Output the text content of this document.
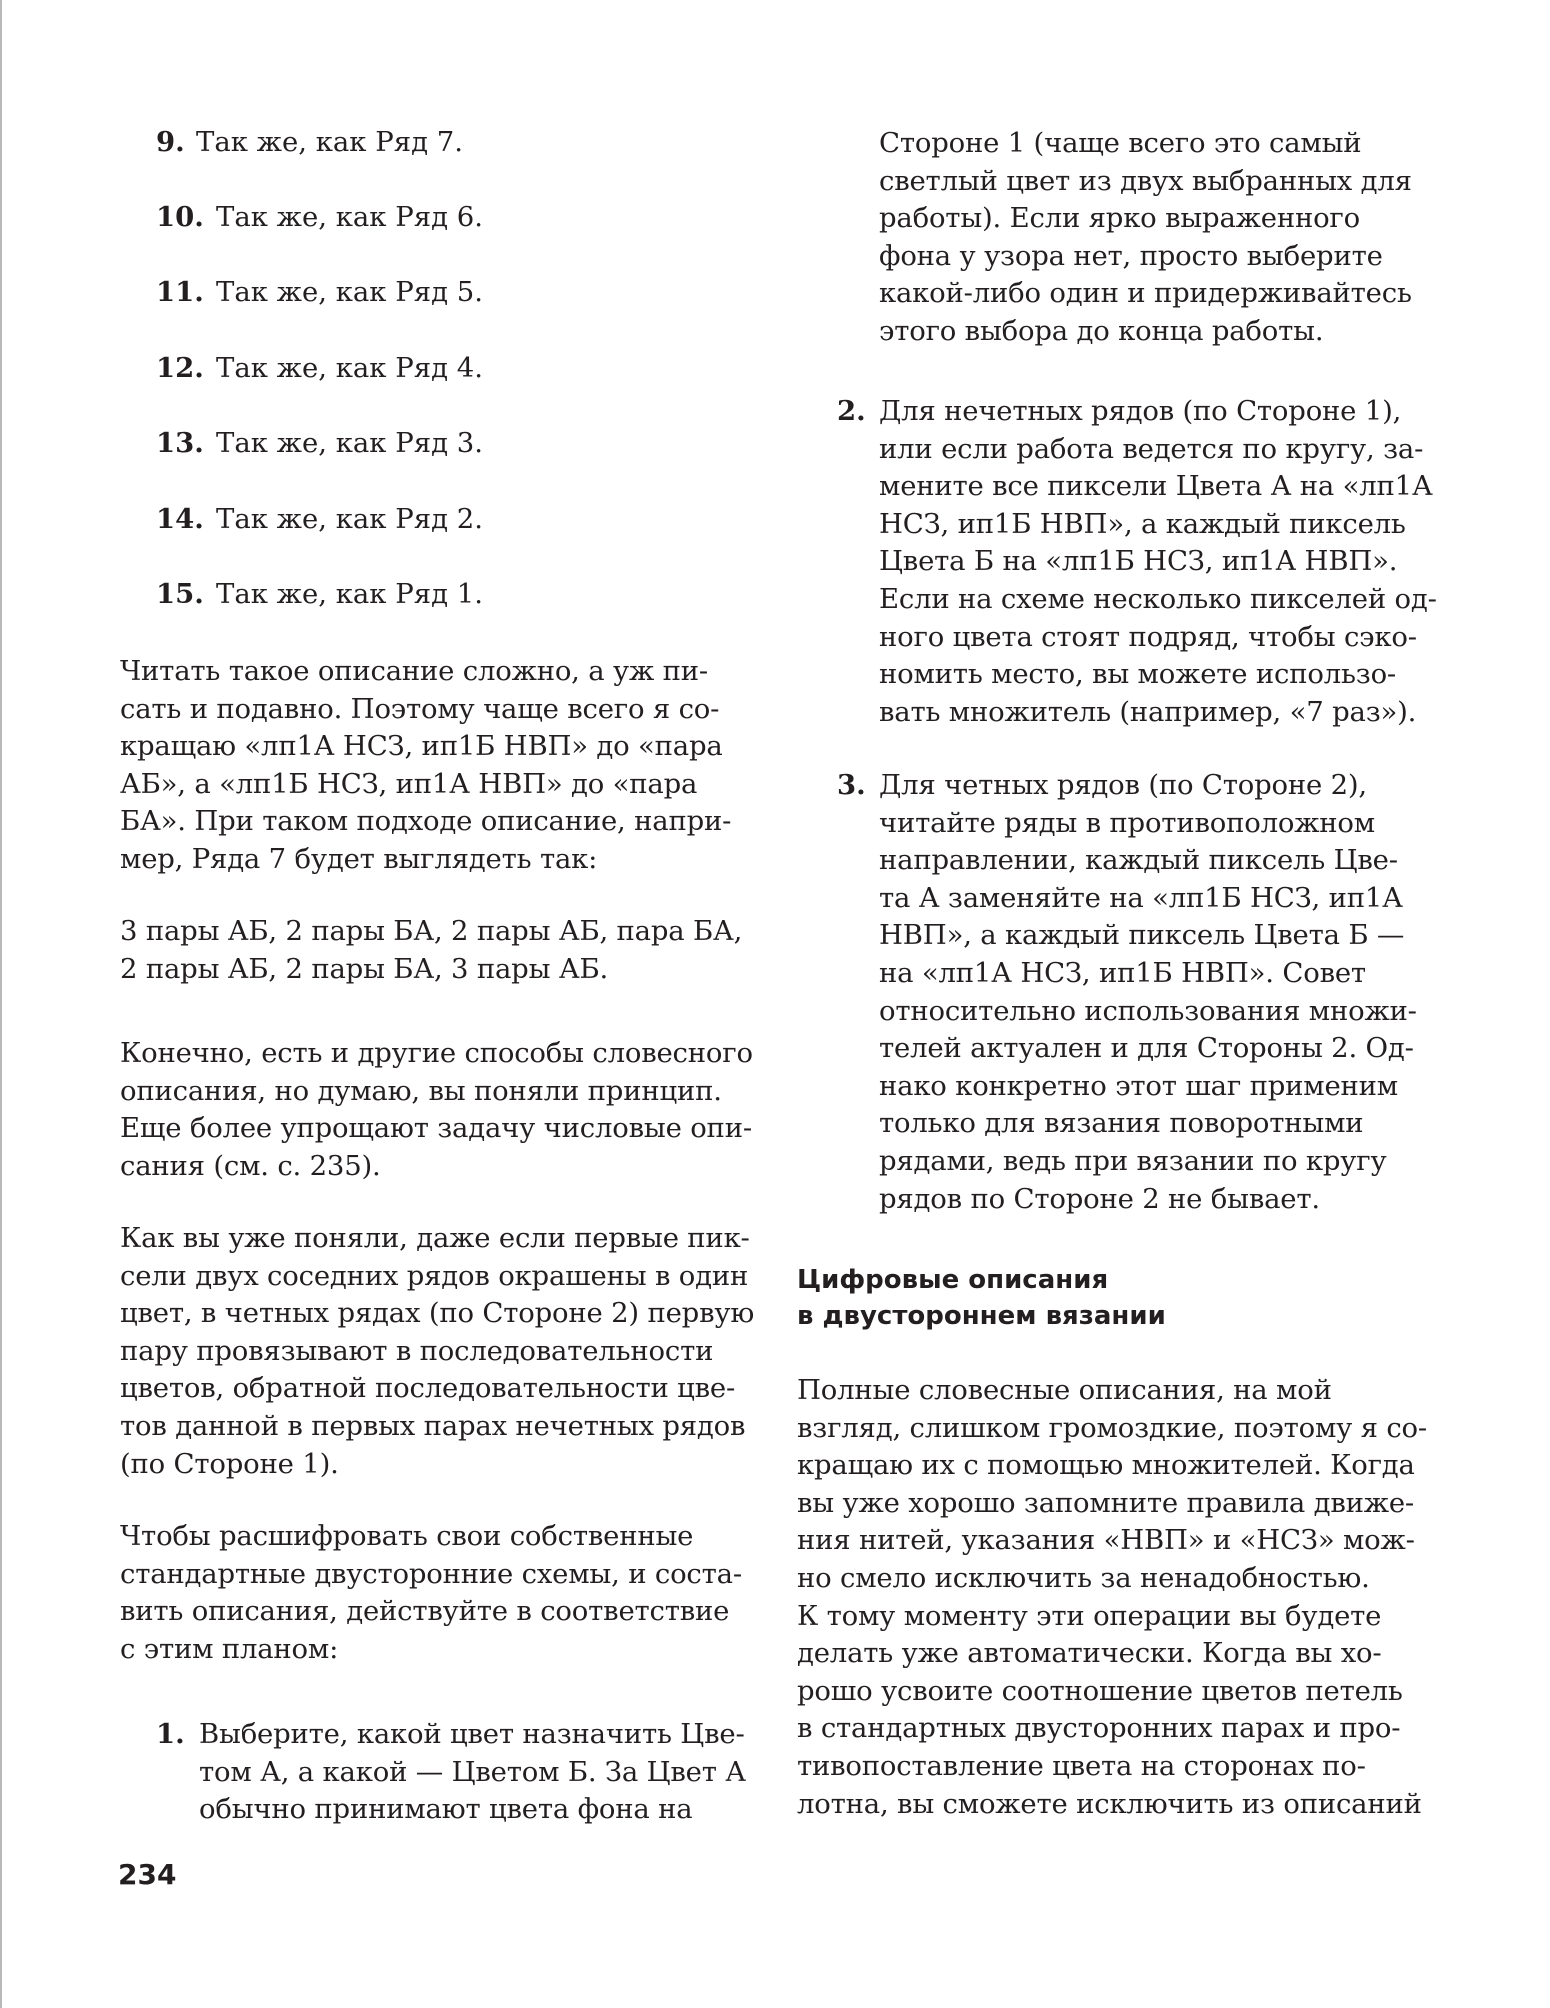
9. Так же, как Ряд 7.
10. Так же, как Ряд 6.
11. Так же, как Ряд 5.
12. Так же, как Ряд 4.
13. Так же, как Ряд 3.
14. Так же, как Ряд 2.
15. Так же, как Ряд 1.

Читать такое описание сложно, а уж пи-
сать и подавно. Поэтому чаще всего я со-
кращаю «лп1А НСЗ, ип1Б НВП» до «пара
АБ», а «лп1Б НСЗ, ип1А НВП» до «пара
БА». При таком подходе описание, напри-
мер, Ряда 7 будет выглядеть так:

3 пары АБ, 2 пары БА, 2 пары АБ, пара БА,
2 пары АБ, 2 пары БА, 3 пары АБ.

Конечно, есть и другие способы словесного
описания, но думаю, вы поняли принцип.
Еще более упрощают задачу числовые опи-
сания (см. с. 235).

Как вы уже поняли, даже если первые пик-
сели двух соседних рядов окрашены в один
цвет, в четных рядах (по Стороне 2) первую
пару провязывают в последовательности
цветов, обратной последовательности цве-
тов данной в первых парах нечетных рядов
(по Стороне 1).

Чтобы расшифровать свои собственные
стандартные двусторонние схемы, и соста-
вить описания, действуйте в соответствие
с этим планом:

1. Выберите, какой цвет назначить Цве-
том А, а какой — Цветом Б. За Цвет А
обычно принимают цвета фона на

Стороне 1 (чаще всего это самый
светлый цвет из двух выбранных для
работы). Если ярко выраженного
фона у узора нет, просто выберите
какой-либо один и придерживайтесь
этого выбора до конца работы.

2. Для нечетных рядов (по Стороне 1),
или если работа ведется по кругу, за-
мените все пиксели Цвета А на «лп1А
НСЗ, ип1Б НВП», а каждый пиксель
Цвета Б на «лп1Б НСЗ, ип1А НВП».
Если на схеме несколько пикселей од-
ного цвета стоят подряд, чтобы сэко-
номить место, вы можете использо-
вать множитель (например, «7 раз»).

3. Для четных рядов (по Стороне 2),
читайте ряды в противоположном
направлении, каждый пиксель Цве-
та А заменяйте на «лп1Б НСЗ, ип1А
НВП», а каждый пиксель Цвета Б —
на «лп1А НСЗ, ип1Б НВП». Совет
относительно использования множи-
телей актуален и для Стороны 2. Од-
нако конкретно этот шаг применим
только для вязания поворотными
рядами, ведь при вязании по кругу
рядов по Стороне 2 не бывает.

Цифровые описания
в двустороннем вязании

Полные словесные описания, на мой
взгляд, слишком громоздкие, поэтому я со-
кращаю их с помощью множителей. Когда
вы уже хорошо запомните правила движе-
ния нитей, указания «НВП» и «НСЗ» мож-
но смело исключить за ненадобностью.
К тому моменту эти операции вы будете
делать уже автоматически. Когда вы хо-
рошо усвоите соотношение цветов петель
в стандартных двусторонних парах и про-
тивопоставление цвета на сторонах по-
лотна, вы сможете исключить из описаний

234
